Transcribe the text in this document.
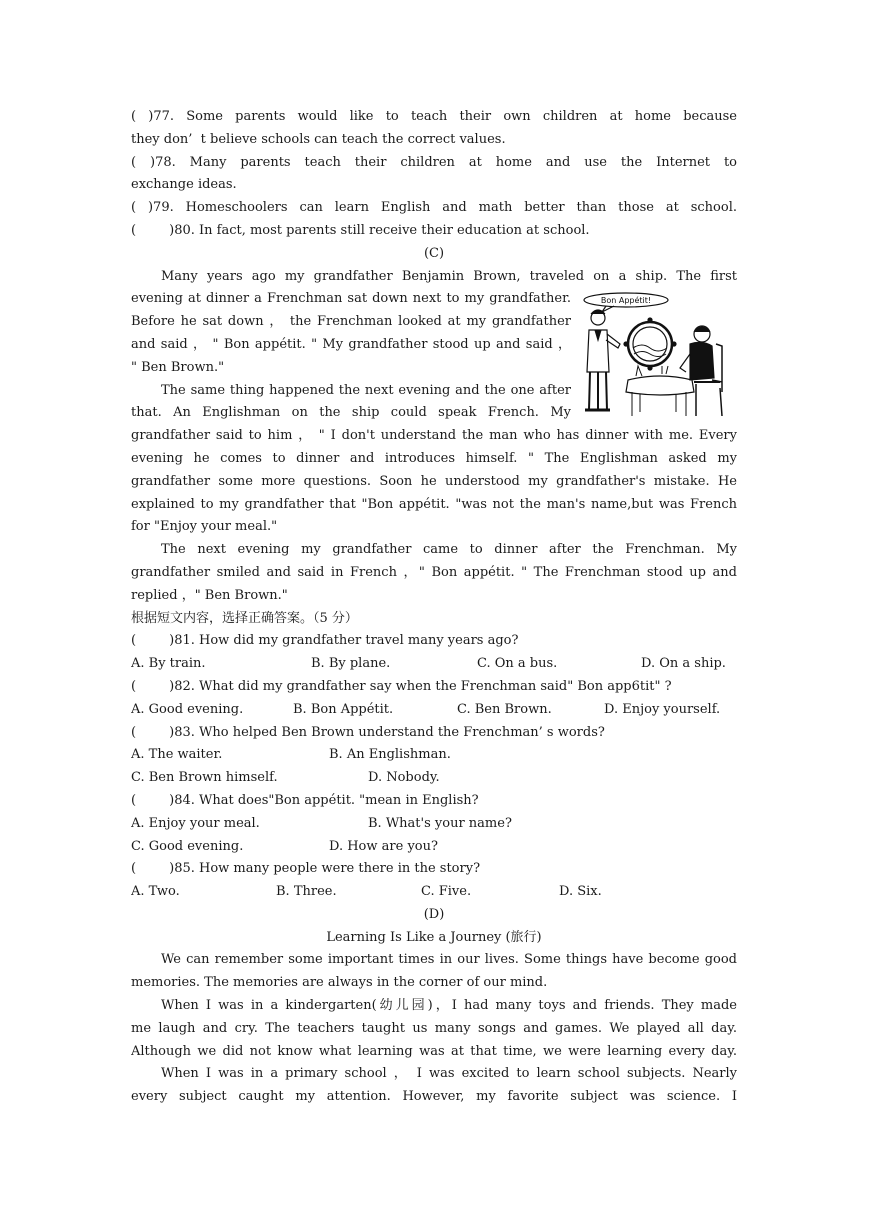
( )77. Some parents would like to teach their own children at home because
they don’  t believe schools can teach the correct values.
( )78. Many parents teach their children at home and use the Internet to
exchange ideas.
( )79. Homeschoolers can learn English and math better than those at school.
(        )80. In fact, most parents still receive their education at school.
(C)
Many years ago my grandfather Benjamin Brown, traveled on a ship. The first
evening at dinner a Frenchman sat down next to my grandfather.
Before he sat down ， the Frenchman looked at my grandfather
and said ， " Bon appétit. " My grandfather stood up and said ，
" Ben Brown."
The same thing happened the next evening and the one after
that. An Englishman on the ship could speak French. My
grandfather said to him ， " I don't understand the man who has dinner with me. Every
evening he comes to dinner and introduces himself. " The Englishman asked my
grandfather some more questions. Soon he understood my grandfather's mistake. He
explained to my grandfather that "Bon appétit. "was not the man's name,but was French
for "Enjoy your meal."
The next evening my grandfather came to dinner after the Frenchman. My
grandfather smiled and said in French ，" Bon appétit. " The Frenchman stood up and
replied ，" Ben Brown."
根据短文内容，选择正确答案。（5 分）
(        )81. How did my grandfather travel many years ago?
A. By train.	B. By plane.	C. On a bus.	D. On a ship.
(        )82. What did my grandfather say when the Frenchman said" Bon app6tit" ?
A. Good evening.	B. Bon Appétit.	C. Ben Brown.	D. Enjoy yourself.
(        )83. Who helped Ben Brown understand the Frenchman’ s words?
A. The waiter.	B. An Englishman.
C. Ben Brown himself.	D. Nobody.
(        )84. What does"Bon appétit. "mean in English?
A. Enjoy your meal.	B. What's your name?
C. Good evening.	D. How are you?
(        )85. How many people were there in the story?
A. Two.	B. Three.	C. Five.	D. Six.
(D)
Learning Is Like a Journey (旅行)
We can remember some important times in our lives. Some things have become good
memories. The memories are always in the corner of our mind.
When I was in a kindergarten(幼儿园)，I had many toys and friends. They made
me laugh and cry. The teachers taught us many songs and games. We played all day.
Although we did not know what learning was at that time, we were learning every day.
When I was in a primary school ， I was excited to learn school subjects. Nearly
every subject caught my attention. However, my favorite subject was science. I
Bon Appétit!
